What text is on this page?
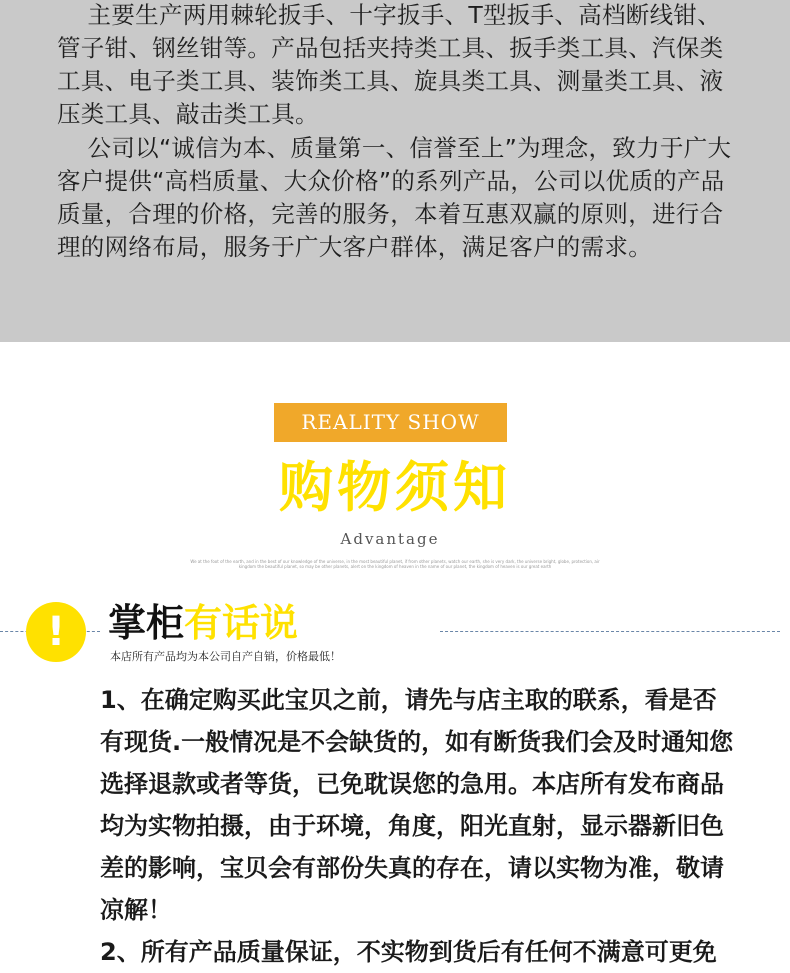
主要生产两用棘轮扳手、十字扳手、T型扳手、高档断线钳、管子钳、钢丝钳等。产品包括夹持类工具、扳手类工具、汽保类工具、电子类工具、装饰类工具、旋具类工具、测量类工具、液压类工具、敲击类工具。

公司以“诚信为本、质量第一、信誉至上”为理念，致力于广大客户提供“高档质量、大众价格”的系列产品，公司以优质的产品质量，合理的价格，完善的服务，本着互惠双赢的原则，进行合理的网络布局，服务于广大客户群体，满足客户的需求。

REALITY SHOW
购物须知
Advantage
We at the foot of the earth, and in the best of our knowledge of the universe, in the most beautiful planet, if from other planets, watch our earth, she is very dark, the universe bright, globe, protection, air kingdom the beautiful planet, so may be other planets, alert on the kingdom of heaven in the name of our planet, the kingdom of heaven is our great earth
!	掌柜有话说
本店所有产品均为本公司自产自销，价格最低！

1、在确定购买此宝贝之前，请先与店主取的联系，看是否有现货.一般情况是不会缺货的，如有断货我们会及时通知您选择退款或者等货，已免耽误您的急用。本店所有发布商品均为实物拍摄，由于环境，角度，阳光直射，显示器新旧色差的影响，宝贝会有部份失真的存在，请以实物为准，敬请凉解！

2、所有产品质量保证，不实物到货后有任何不满意可更免
